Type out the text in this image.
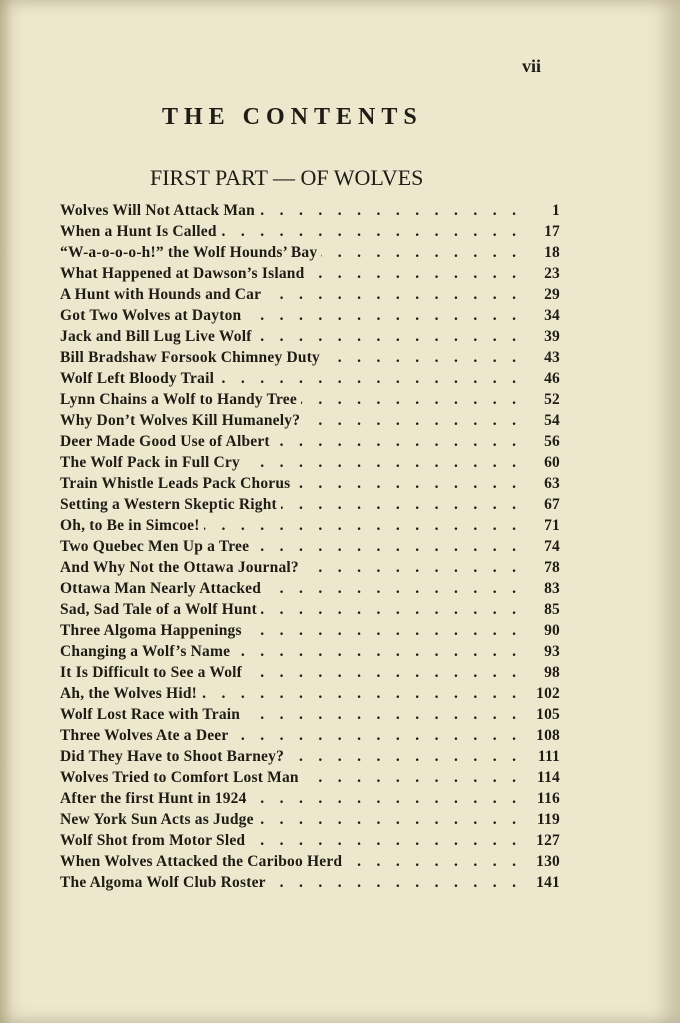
vii
THE CONTENTS
FIRST PART — OF WOLVES
.
Wolves Will Not Attack Man	1
.
When a Hunt Is Called	17
.
“W-a-o-o-o-h!” the Wolf Hounds’ Bay	18
.
What Happened at Dawson’s Island	23
.
A Hunt with Hounds and Car	29
.
Got Two Wolves at Dayton	34
.
Jack and Bill Lug Live Wolf	39
.
Bill Bradshaw Forsook Chimney Duty	43
.
Wolf Left Bloody Trail	46
.
Lynn Chains a Wolf to Handy Tree	52
.
Why Don’t Wolves Kill Humanely?	54
.
Deer Made Good Use of Albert	56
.
The Wolf Pack in Full Cry	60
.
Train Whistle Leads Pack Chorus	63
.
Setting a Western Skeptic Right	67
.
Oh, to Be in Simcoe!	71
.
Two Quebec Men Up a Tree	74
.
And Why Not the Ottawa Journal?	78
.
Ottawa Man Nearly Attacked	83
.
Sad, Sad Tale of a Wolf Hunt	85
.
Three Algoma Happenings	90
.
Changing a Wolf’s Name	93
.
It Is Difficult to See a Wolf	98
.
Ah, the Wolves Hid!	102
.
Wolf Lost Race with Train	105
.
Three Wolves Ate a Deer	108
.
Did They Have to Shoot Barney?	111
.
Wolves Tried to Comfort Lost Man	114
.
After the first Hunt in 1924	116
.
New York Sun Acts as Judge	119
.
Wolf Shot from Motor Sled	127
.
When Wolves Attacked the Cariboo Herd	130
.
The Algoma Wolf Club Roster	141
